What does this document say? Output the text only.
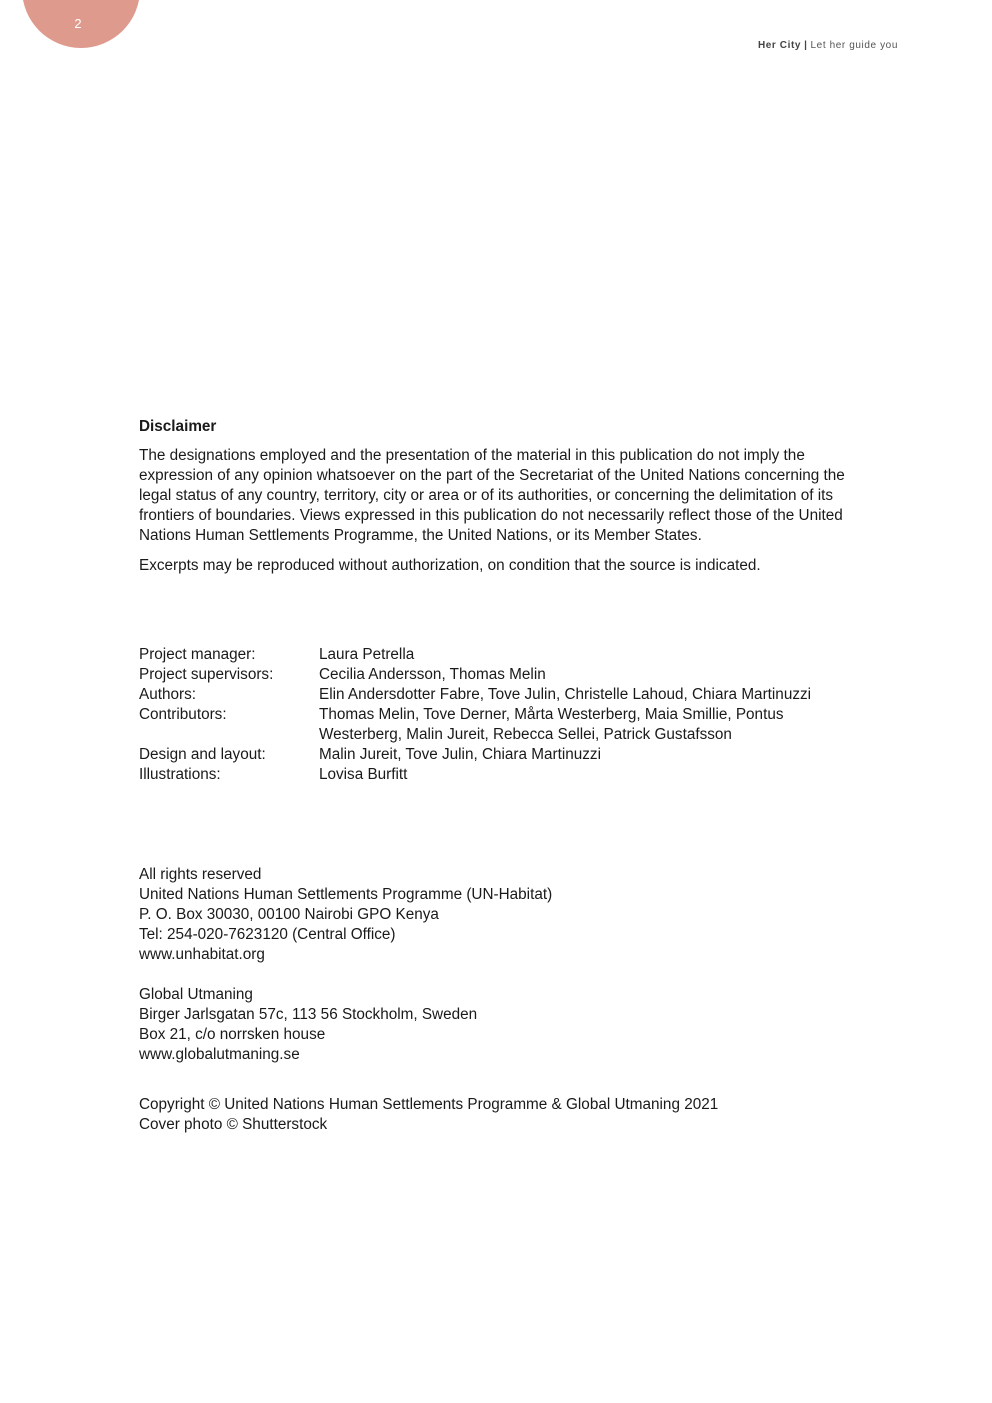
2
Her City | Let her guide you
Disclaimer

The designations employed and the presentation of the material in this publication do not imply the expression of any opinion whatsoever on the part of the Secretariat of the United Nations concerning the legal status of any country, territory, city or area or of its authorities, or concerning the delimitation of its frontiers of boundaries. Views expressed in this publication do not necessarily reflect those of the United Nations Human Settlements Programme, the United Nations, or its Member States.

Excerpts may be reproduced without authorization, on condition that the source is indicated.

Project manager:	Laura Petrella
Project supervisors:	Cecilia Andersson, Thomas Melin
Authors:	Elin Andersdotter Fabre, Tove Julin, Christelle Lahoud, Chiara Martinuzzi
Contributors:	Thomas Melin, Tove Derner, Mårta Westerberg, Maia Smillie, Pontus Westerberg, Malin Jureit, Rebecca Sellei, Patrick Gustafsson
Design and layout:	Malin Jureit, Tove Julin, Chiara Martinuzzi
Illustrations:	Lovisa Burfitt
All rights reserved
United Nations Human Settlements Programme (UN-Habitat)
P. O. Box 30030, 00100 Nairobi GPO Kenya
Tel: 254-020-7623120 (Central Office)
www.unhabitat.org
Global Utmaning
Birger Jarlsgatan 57c, 113 56 Stockholm, Sweden
Box 21, c/o norrsken house
www.globalutmaning.se
Copyright © United Nations Human Settlements Programme & Global Utmaning 2021
Cover photo © Shutterstock
